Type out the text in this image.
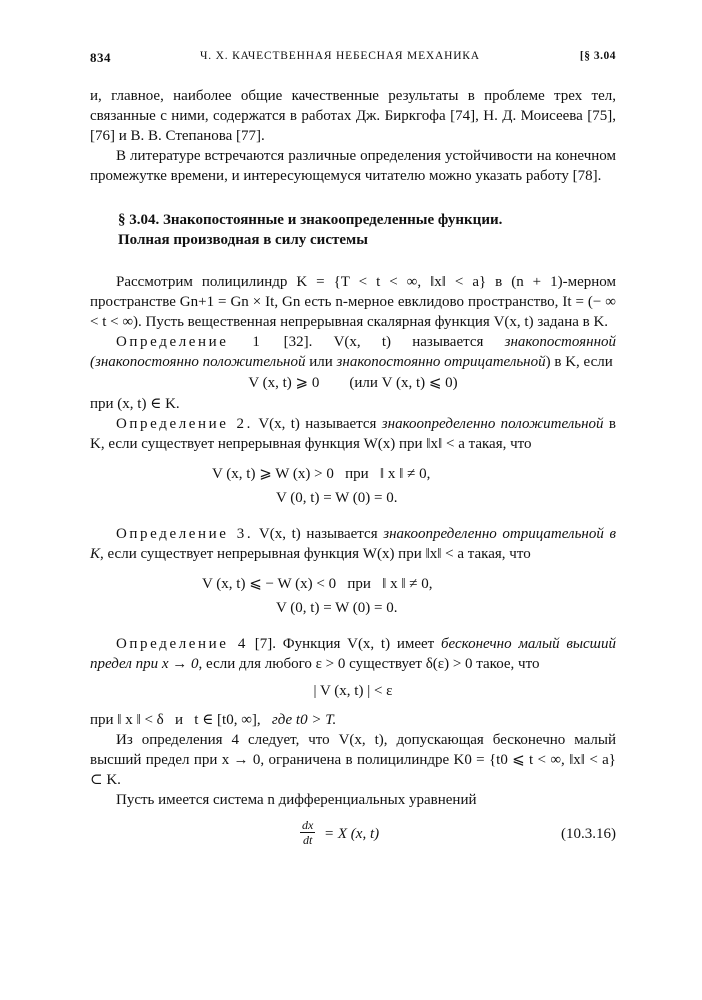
834	Ч. X. КАЧЕСТВЕННАЯ НЕБЕСНАЯ МЕХАНИКА	[§ 3.04

и, главное, наиболее общие качественные результаты в проблеме трех тел, связанные с ними, содержатся в работах Дж. Биркгофа [74], Н. Д. Моисеева [75], [76] и В. В. Степанова [77].

В литературе встречаются различные определения устойчивости на конечном промежутке времени, и интересующемуся читателю можно указать работу [78].

§ 3.04. Знакопостоянные и знакоопределенные функции.
Полная производная в силу системы

Рассмотрим полицилиндр K = {T < t < ∞, ‖x‖ < a} в (n + 1)-мерном пространстве Gn+1 = Gn × It, Gn есть n-мерное евклидово пространство, It = (− ∞ < t < ∞). Пусть вещественная непрерывная скалярная функция V(x, t) задана в K.

Определение 1 [32]. V(x, t) называется знакопостоянной (знакопостоянно положительной или знакопостоянно отрицательной) в K, если

V (x, t) ⩾ 0        (или V (x, t) ⩽ 0)

при (x, t) ∈ K.

Определение 2. V(x, t) называется знакоопределенно положительной в K, если существует непрерывная функция W(x) при ‖x‖ < a такая, что

V (x, t) ⩾ W (x) > 0   при   ‖ x ‖ ≠ 0,
V (0, t) = W (0) = 0.

Определение 3. V(x, t) называется знакоопределенно отрицательной в K, если существует непрерывная функция W(x) при ‖x‖ < a такая, что

V (x, t) ⩽ − W (x) < 0   при   ‖ x ‖ ≠ 0,
V (0, t) = W (0) = 0.

Определение 4 [7]. Функция V(x, t) имеет бесконечно малый высший предел при x → 0, если для любого ε > 0 существует δ(ε) > 0 такое, что

| V (x, t) | < ε

при ‖ x ‖ < δ   и   t ∈ [t0, ∞],   где t0 > T.

Из определения 4 следует, что V(x, t), допускающая бесконечно малый высший предел при x → 0, ограничена в полицилиндре K0 = {t0 ⩽ t < ∞, ‖x‖ < a} ⊂ K.

Пусть имеется система n дифференциальных уравнений

$\frac{dx}{dt} = X$ (x, t)	(10.3.16)
